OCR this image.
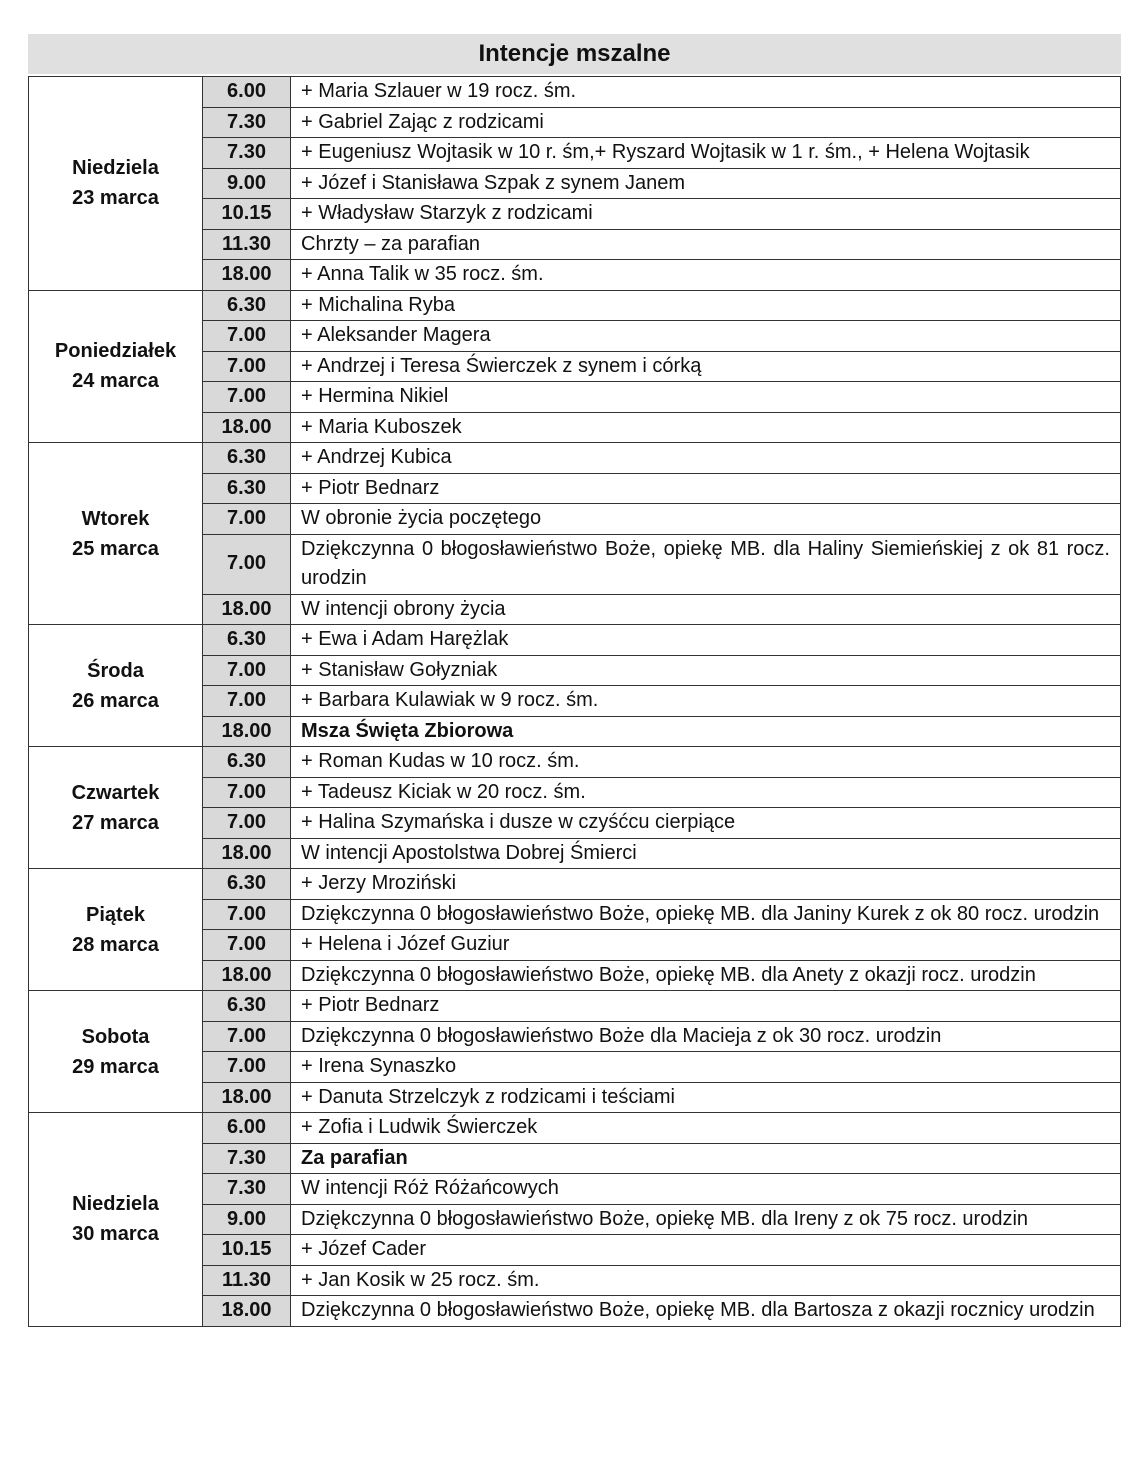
Intencje mszalne
Niedziela
23 marca	6.00	+ Maria Szlauer w 19 rocz. śm.
	7.30	+ Gabriel Zając z rodzicami
	7.30	+ Eugeniusz Wojtasik w 10 r. śm,+ Ryszard Wojtasik w 1 r. śm., + Helena Wojtasik
	9.00	+ Józef i Stanisława Szpak z synem Janem
	10.15	+ Władysław Starzyk z rodzicami
	11.30	Chrzty – za parafian
	18.00	+ Anna Talik w 35 rocz. śm.

Poniedziałek
24 marca	6.30	+ Michalina Ryba
	7.00	+ Aleksander Magera
	7.00	+ Andrzej i Teresa Świerczek z synem i córką
	7.00	+ Hermina Nikiel
	18.00	+ Maria Kuboszek

Wtorek
25 marca	6.30	+ Andrzej Kubica
	6.30	+ Piotr Bednarz
	7.00	W obronie życia poczętego
	7.00	Dziękczynna 0 błogosławieństwo Boże, opiekę MB. dla Haliny Siemieńskiej z ok 81 rocz. urodzin
	18.00	W intencji obrony życia

Środa
26 marca	6.30	+ Ewa i Adam Harężlak
	7.00	+ Stanisław Gołyzniak
	7.00	+ Barbara Kulawiak w 9 rocz. śm.
	18.00	Msza Święta Zbiorowa

Czwartek
27 marca	6.30	+ Roman Kudas w 10 rocz. śm.
	7.00	+ Tadeusz Kiciak w 20 rocz. śm.
	7.00	+ Halina Szymańska i dusze w czyśćcu cierpiące
	18.00	W intencji Apostolstwa Dobrej Śmierci

Piątek
28 marca	6.30	+ Jerzy Mroziński
	7.00	Dziękczynna 0 błogosławieństwo Boże, opiekę MB. dla Janiny Kurek z ok 80 rocz. urodzin
	7.00	+ Helena i Józef Guziur
	18.00	Dziękczynna 0 błogosławieństwo Boże, opiekę MB. dla Anety z okazji rocz. urodzin

Sobota
29 marca	6.30	+ Piotr Bednarz
	7.00	Dziękczynna 0 błogosławieństwo Boże dla Macieja z ok 30 rocz. urodzin
	7.00	+ Irena Synaszko
	18.00	+ Danuta Strzelczyk z rodzicami i teściami

Niedziela
30 marca	6.00	+ Zofia i Ludwik Świerczek
	7.30	Za parafian
	7.30	W intencji Róż Różańcowych
	9.00	Dziękczynna 0 błogosławieństwo Boże, opiekę MB. dla Ireny z ok 75 rocz. urodzin
	10.15	+ Józef Cader
	11.30	+ Jan Kosik w 25 rocz. śm.
	18.00	Dziękczynna 0 błogosławieństwo Boże, opiekę MB. dla Bartosza z okazji rocznicy urodzin
